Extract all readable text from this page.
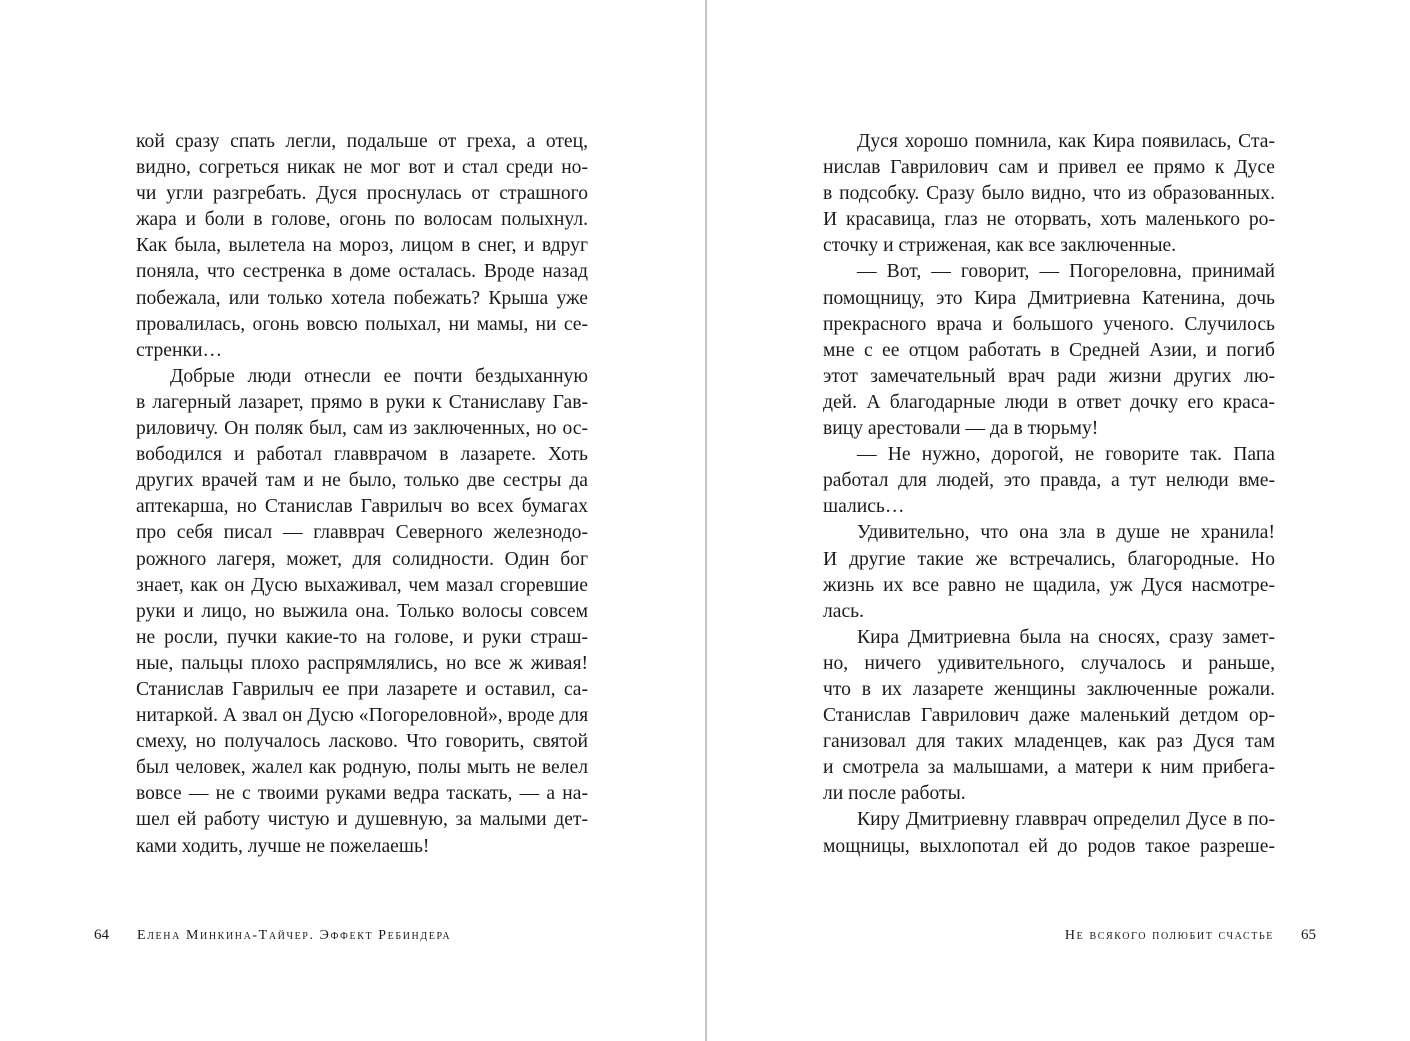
кой сразу спать легли, подальше от греха, а отец,
видно, согреться никак не мог вот и стал среди но-
чи угли разгребать. Дуся проснулась от страшного
жара и боли в голове, огонь по волосам полыхнул.
Как была, вылетела на мороз, лицом в снег, и вдруг
поняла, что сестренка в доме осталась. Вроде назад
побежала, или только хотела побежать? Крыша уже
провалилась, огонь вовсю полыхал, ни мамы, ни се-
стренки…
Добрые люди отнесли ее почти бездыханную
в лагерный лазарет, прямо в руки к Станиславу Гав-
риловичу. Он поляк был, сам из заключенных, но ос-
вободился и работал главврачом в лазарете. Хоть
других врачей там и не было, только две сестры да
аптекарша, но Станислав Гаврилыч во всех бумагах
про себя писал — главврач Северного железнодо-
рожного лагеря, может, для солидности. Один бог
знает, как он Дусю выхаживал, чем мазал сгоревшие
руки и лицо, но выжила она. Только волосы совсем
не росли, пучки какие-то на голове, и руки страш-
ные, пальцы плохо распрямлялись, но все ж живая!
Станислав Гаврилыч ее при лазарете и оставил, са-
нитаркой. А звал он Дусю «Погореловной», вроде для
смеху, но получалось ласково. Что говорить, святой
был человек, жалел как родную, полы мыть не велел
вовсе — не с твоими руками ведра таскать, — а на-
шел ей работу чистую и душевную, за малыми дет-
ками ходить, лучше не пожелаешь!
64 Елена Минкина-Тайчер. Эффект Ребиндера
Дуся хорошо помнила, как Кира появилась, Ста-
нислав Гаврилович сам и привел ее прямо к Дусе
в подсобку. Сразу было видно, что из образованных.
И красавица, глаз не оторвать, хоть маленького ро-
сточку и стриженая, как все заключенные.
— Вот, — говорит, — Погореловна, принимай
помощницу, это Кира Дмитриевна Катенина, дочь
прекрасного врача и большого ученого. Случилось
мне с ее отцом работать в Средней Азии, и погиб
этот замечательный врач ради жизни других лю-
дей. А благодарные люди в ответ дочку его краса-
вицу арестовали — да в тюрьму!
— Не нужно, дорогой, не говорите так. Папа
работал для людей, это правда, а тут нелюди вме-
шались…
Удивительно, что она зла в душе не хранила!
И другие такие же встречались, благородные. Но
жизнь их все равно не щадила, уж Дуся насмотре-
лась.
Кира Дмитриевна была на сносях, сразу замет-
но, ничего удивительного, случалось и раньше,
что в их лазарете женщины заключенные рожали.
Станислав Гаврилович даже маленький детдом ор-
ганизовал для таких младенцев, как раз Дуся там
и смотрела за малышами, а матери к ним прибега-
ли после работы.
Киру Дмитриевну главврач определил Дусе в по-
мощницы, выхлопотал ей до родов такое разреше-
Не всякого полюбит счастье 65
